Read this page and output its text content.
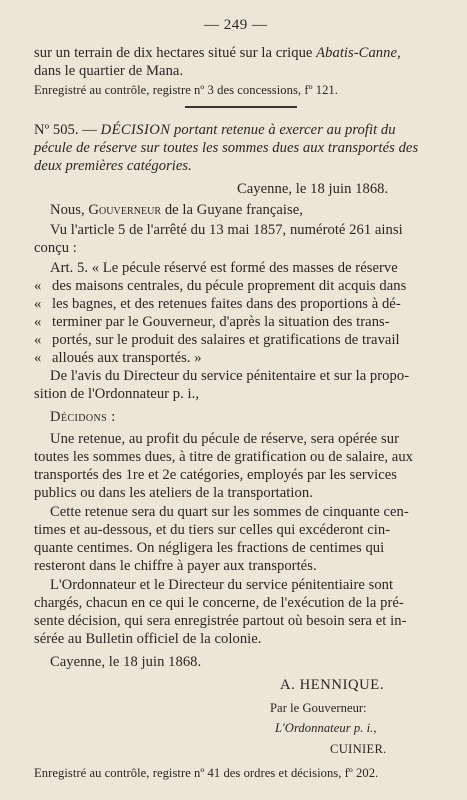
— 249 —
sur un terrain de dix hectares situé sur la crique Abatis-Canne,
dans le quartier de Mana.
Enregistré au contrôle, registre nº 3 des concessions, fº 121.
Nº 505. — DÉCISION portant retenue à exercer au profit du
pécule de réserve sur toutes les sommes dues aux transportés des
deux premières catégories.
Cayenne, le 18 juin 1868.
Nous, Gouverneur de la Guyane française,
Vu l'article 5 de l'arrêté du 13 mai 1857, numéroté 261 ainsi
conçu :
Art. 5. « Le pécule réservé est formé des masses de réserve
« des maisons centrales, du pécule proprement dit acquis dans
« les bagnes, et des retenues faites dans des proportions à dé-
« terminer par le Gouverneur, d'après la situation des trans-
« portés, sur le produit des salaires et gratifications de travail
« alloués aux transportés. »
De l'avis du Directeur du service pénitentaire et sur la propo-
sition de l'Ordonnateur p. i.,
Décidons :
Une retenue, au profit du pécule de réserve, sera opérée sur
toutes les sommes dues, à titre de gratification ou de salaire, aux
transportés des 1re et 2e catégories, employés par les services
publics ou dans les ateliers de la transportation.
Cette retenue sera du quart sur les sommes de cinquante cen-
times et au-dessous, et du tiers sur celles qui excéderont cin-
quante centimes. On négligera les fractions de centimes qui
resteront dans le chiffre à payer aux transportés.
L'Ordonnateur et le Directeur du service pénitentiaire sont
chargés, chacun en ce qui le concerne, de l'exécution de la pré-
sente décision, qui sera enregistrée partout où besoin sera et in-
sérée au Bulletin officiel de la colonie.
Cayenne, le 18 juin 1868.
A. HENNIQUE.
Par le Gouverneur:
L'Ordonnateur p. i.,
CUINIER.
Enregistré au contrôle, registre nº 41 des ordres et décisions, fº 202.
